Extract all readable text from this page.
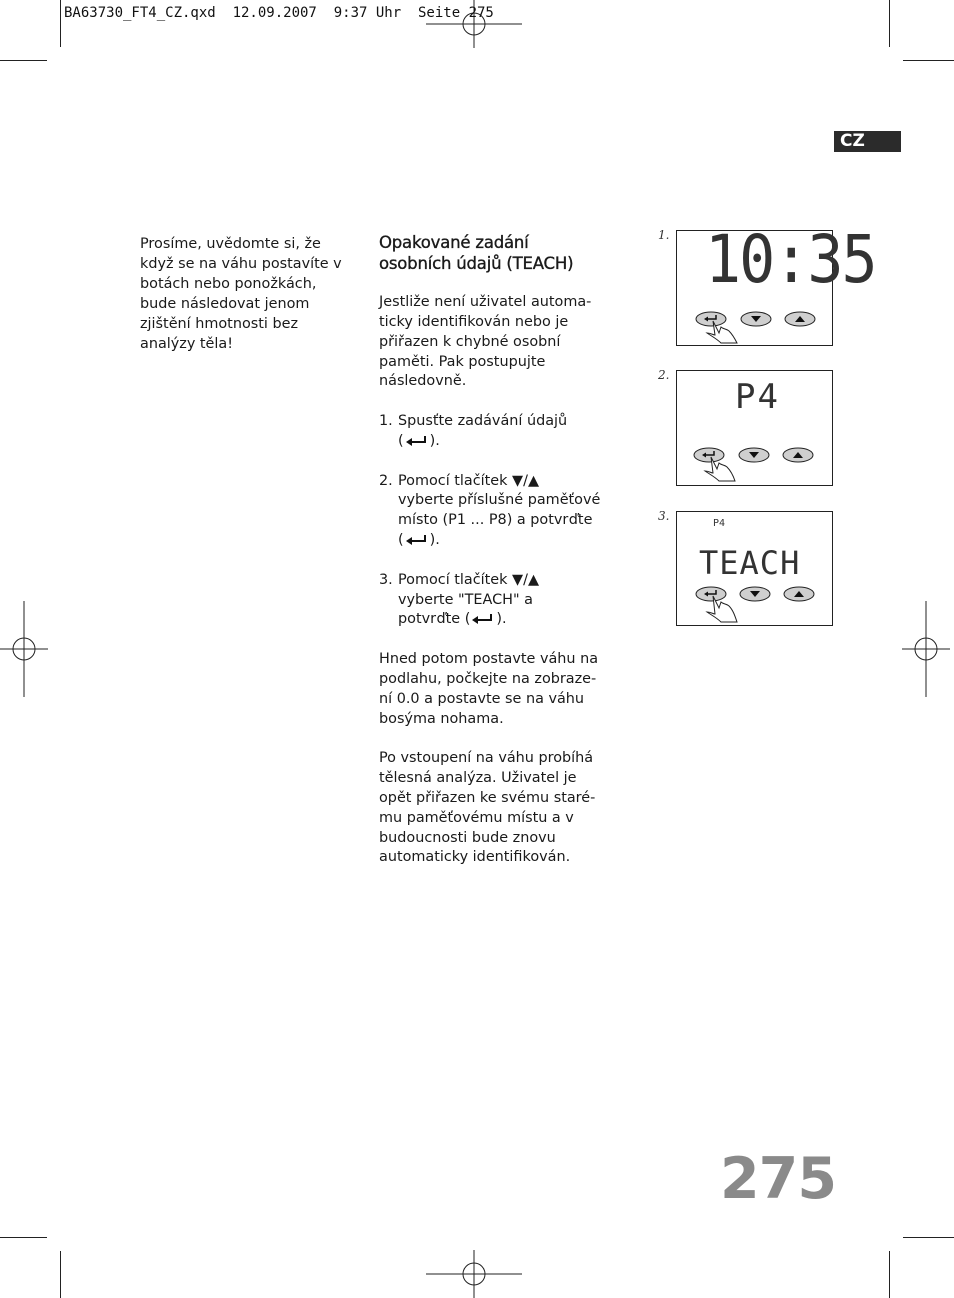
BA63730_FT4_CZ.qxd  12.09.2007  9:37 Uhr  Seite 275
CZ
Prosíme, uvědomte si, že když se na váhu postavíte v botách nebo ponožkách, bude následovat jenom zjištění hmotnosti bez analýzy těla!
Opakované zadání
osobních údajů (TEACH)
Jestliže není uživatel automa-ticky identifikován nebo je přiřazen k chybné osobní paměti. Pak postupujte následovně.
1. Spusťte zadávání údajů
( ).
2. Pomocí tlačítek ▼/▲
vyberte příslušné paměťové
místo (P1 ... P8) a potvrďte
( ).
3. Pomocí tlačítek ▼/▲
vyberte "TEACH" a
potvrďte ( ).
Hned potom postavte váhu na podlahu, počkejte na zobraze-ní 0.0 a postavte se na váhu bosýma nohama.
Po vstoupení na váhu probíhá tělesná analýza. Uživatel je opět přiřazen ke svému staré-mu paměťovému místu a v budoucnosti bude znovu automaticky identifikován.
1. 10:35
2.
P4
3.
P4
TEACH
275
